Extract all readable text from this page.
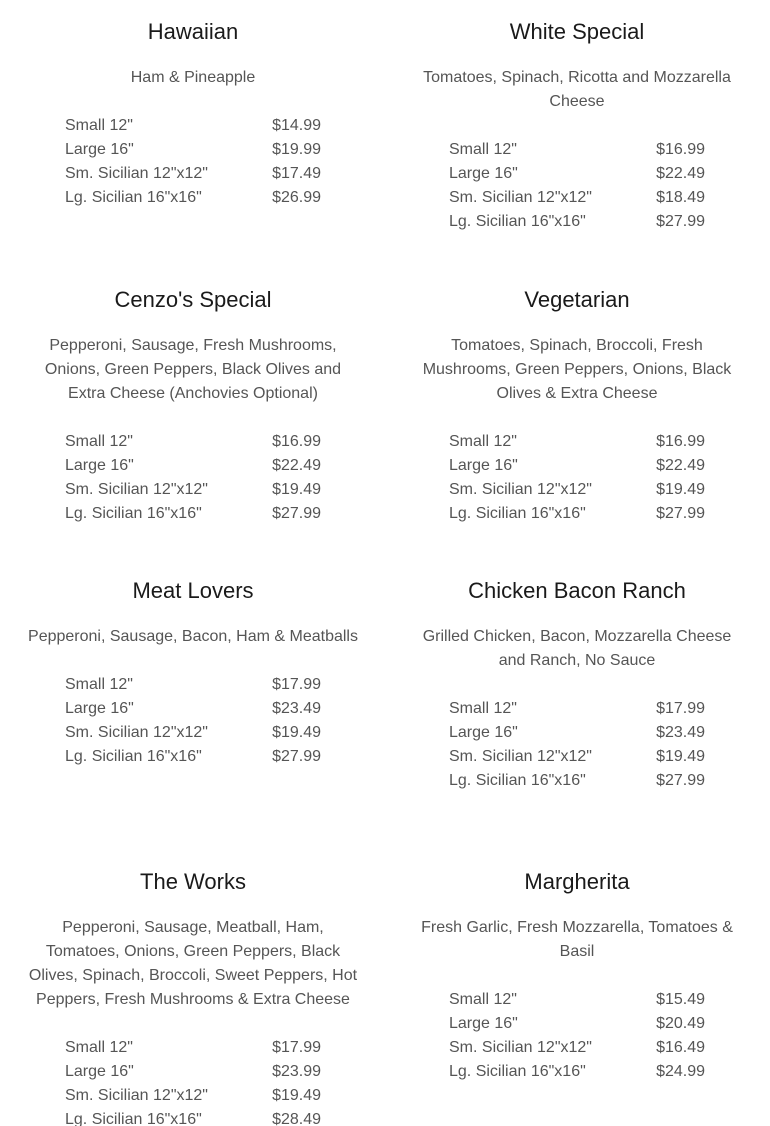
Hawaiian
Ham & Pineapple
Small 12"	$14.99
Large 16"	$19.99
Sm. Sicilian 12"x12"	$17.49
Lg. Sicilian 16"x16"	$26.99
White Special
Tomatoes, Spinach, Ricotta and Mozzarella Cheese
Small 12"	$16.99
Large 16"	$22.49
Sm. Sicilian 12"x12"	$18.49
Lg. Sicilian 16"x16"	$27.99
Cenzo's Special
Pepperoni, Sausage, Fresh Mushrooms, Onions, Green Peppers, Black Olives and Extra Cheese (Anchovies Optional)
Small 12"	$16.99
Large 16"	$22.49
Sm. Sicilian 12"x12"	$19.49
Lg. Sicilian 16"x16"	$27.99
Vegetarian
Tomatoes, Spinach, Broccoli, Fresh Mushrooms, Green Peppers, Onions, Black Olives & Extra Cheese
Small 12"	$16.99
Large 16"	$22.49
Sm. Sicilian 12"x12"	$19.49
Lg. Sicilian 16"x16"	$27.99
Meat Lovers
Pepperoni, Sausage, Bacon, Ham & Meatballs
Small 12"	$17.99
Large 16"	$23.49
Sm. Sicilian 12"x12"	$19.49
Lg. Sicilian 16"x16"	$27.99
Chicken Bacon Ranch
Grilled Chicken, Bacon, Mozzarella Cheese and Ranch, No Sauce
Small 12"	$17.99
Large 16"	$23.49
Sm. Sicilian 12"x12"	$19.49
Lg. Sicilian 16"x16"	$27.99
The Works
Pepperoni, Sausage, Meatball, Ham, Tomatoes, Onions, Green Peppers, Black Olives, Spinach, Broccoli, Sweet Peppers, Hot Peppers, Fresh Mushrooms & Extra Cheese
Small 12"	$17.99
Large 16"	$23.99
Sm. Sicilian 12"x12"	$19.49
Lg. Sicilian 16"x16"	$28.49
Margherita
Fresh Garlic, Fresh Mozzarella, Tomatoes & Basil
Small 12"	$15.49
Large 16"	$20.49
Sm. Sicilian 12"x12"	$16.49
Lg. Sicilian 16"x16"	$24.99
